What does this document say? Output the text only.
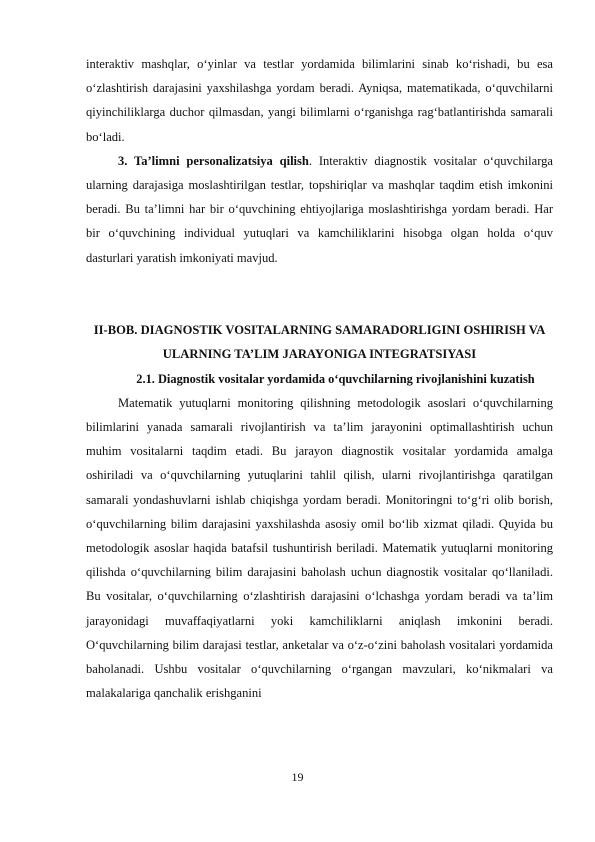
interaktiv mashqlar, o‘yinlar va testlar yordamida bilimlarini sinab ko‘rishadi, bu esa o‘zlashtirish darajasini yaxshilashga yordam beradi. Ayniqsa, matematikada, o‘quvchilarni qiyinchiliklarga duchor qilmasdan, yangi bilimlarni o‘rganishga rag‘batlantirishda samarali bo‘ladi.

3. Ta’limni personalizatsiya qilish. Interaktiv diagnostik vositalar o‘quvchilarga ularning darajasiga moslashtirilgan testlar, topshiriqlar va mashqlar taqdim etish imkonini beradi. Bu ta’limni har bir o‘quvchining ehtiyojlariga moslashtirishga yordam beradi. Har bir o‘quvchining individual yutuqlari va kamchiliklarini hisobga olgan holda o‘quv dasturlari yaratish imkoniyati mavjud.

II-BOB. DIAGNOSTIK VOSITALARNING SAMARADORLIGINI OSHIRISH VA ULARNING TA’LIM JARAYONIGA INTEGRATSIYASI
2.1. Diagnostik vositalar yordamida o‘quvchilarning rivojlanishini kuzatish

Matematik yutuqlarni monitoring qilishning metodologik asoslari o‘quvchilarning bilimlarini yanada samarali rivojlantirish va ta’lim jarayonini optimallashtirish uchun muhim vositalarni taqdim etadi. Bu jarayon diagnostik vositalar yordamida amalga oshiriladi va o‘quvchilarning yutuqlarini tahlil qilish, ularni rivojlantirishga qaratilgan samarali yondashuvlarni ishlab chiqishga yordam beradi. Monitoringni to‘g‘ri olib borish, o‘quvchilarning bilim darajasini yaxshilashda asosiy omil bo‘lib xizmat qiladi. Quyida bu metodologik asoslar haqida batafsil tushuntirish beriladi. Matematik yutuqlarni monitoring qilishda o‘quvchilarning bilim darajasini baholash uchun diagnostik vositalar qo‘llaniladi. Bu vositalar, o‘quvchilarning o‘zlashtirish darajasini o‘lchashga yordam beradi va ta’lim jarayonidagi muvaffaqiyatlarni yoki kamchiliklarni aniqlash imkonini beradi. O‘quvchilarning bilim darajasi testlar, anketalar va o‘z-o‘zini baholash vositalari yordamida baholanadi. Ushbu vositalar o‘quvchilarning o‘rgangan mavzulari, ko‘nikmalari va malakalariga qanchalik erishganini

19
